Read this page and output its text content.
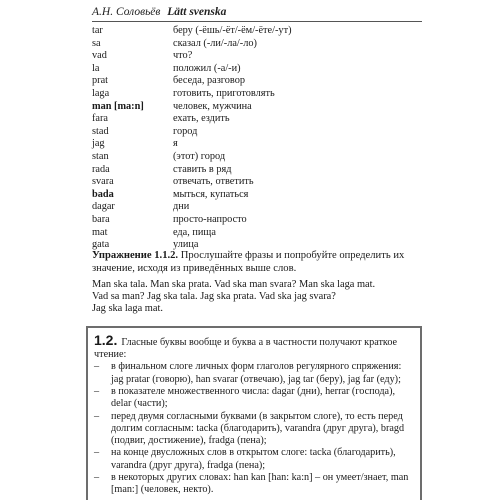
А.Н. Соловьёв Lätt svenska
tar	беру (-ёшь/-ёт/-ём/-ёте/-ут)
sa	сказал (-ли/-ла/-ло)
vad	что?
la	положил (-а/-и)
prat	беседа, разговор
laga	готовить, приготовлять
man [ma:n]	человек, мужчина
fara	ехать, ездить
stad	город
jag	я
stan	(этот) город
rada	ставить в ряд
svara	отвечать, ответить
bada	мыться, купаться
dagar	дни
bara	просто-напросто
mat	еда, пища
gata	улица
Упражнение 1.1.2. Прослушайте фразы и попробуйте определить их значение, исходя из приведённых выше слов.
Man ska tala. Man ska prata. Vad ska man svara? Man ska laga mat.
Vad sa man? Jag ska tala. Jag ska prata. Vad ska jag svara?
Jag ska laga mat.
1.2. Гласные буквы вообще и буква a в частности получают краткое чтение:
– в финальном слоге личных форм глаголов регулярного спряжения: jag pratar (говорю), han svarar (отвечаю), jag tar (беру), jag far (еду);
– в показателе множественного числа: dagar (дни), herrar (господа), delar (части);
– перед двумя согласными буквами (в закрытом слоге), то есть перед долгим согласным: tacka (благодарить), varandra (друг друга), bragd (подвиг, достижение), fradga (пена);
– на конце двусложных слов в открытом слоге: tacka (благодарить), varandra (друг друга), fradga (пена);
– в некоторых других словах: han kan [han: ka:n] – он умеет/знает, man [man:] (человек, некто).
